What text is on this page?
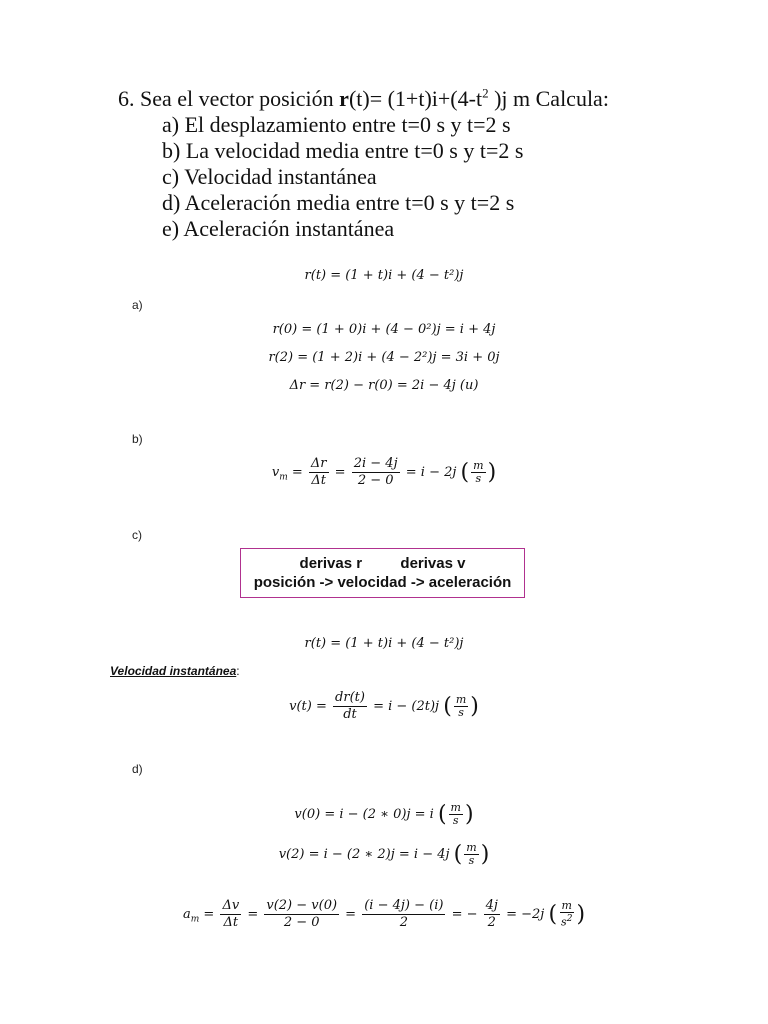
6. Sea el vector posición $r(t)= (1+t)i+(4-t^2$ )j m Calcula:
a) El desplazamiento entre t=0 s y t=2 s
b) La velocidad media entre t=0 s y t=2 s
c) Velocidad instantánea
d) Aceleración media entre t=0 s y t=2 s
e) Aceleración instantánea
r(t) = (1 + t)i + (4 − t²)j
a)
r(0) = (1 + 0)i + (4 − 0²)j = i + 4j
r(2) = (1 + 2)i + (4 − 2²)j = 3i + 0j
Δr = r(2) − r(0) = 2i − 4j (u)
b)
$v_m = \frac{\Delta r}{\Delta t} = \frac{2i - 4j}{2 - 0} = i - 2j$ ( $\frac{m}{s}$ )
c)
derivas r	derivas v
posición -> velocidad -> aceleración
r(t) = (1 + t)i + (4 − t²)j
Velocidad instantánea:
$v(t) = \frac{dr(t)}{dt} = i - (2t)j$ ( $\frac{m}{s}$ )
d)
v(0) = i − (2 ∗ 0)j = i ( $\frac{m}{s}$ )
v(2) = i − (2 ∗ 2)j = i − 4j ( $\frac{m}{s}$ )
$a_m = \frac{\Delta v}{\Delta t} = \frac{v(2) - v(0)}{2 - 0} = \frac{(i - 4j) - (i)}{2}$ = − $\frac{4j}{2} = -2j$ ( $\frac{m}{s^2}$ )
